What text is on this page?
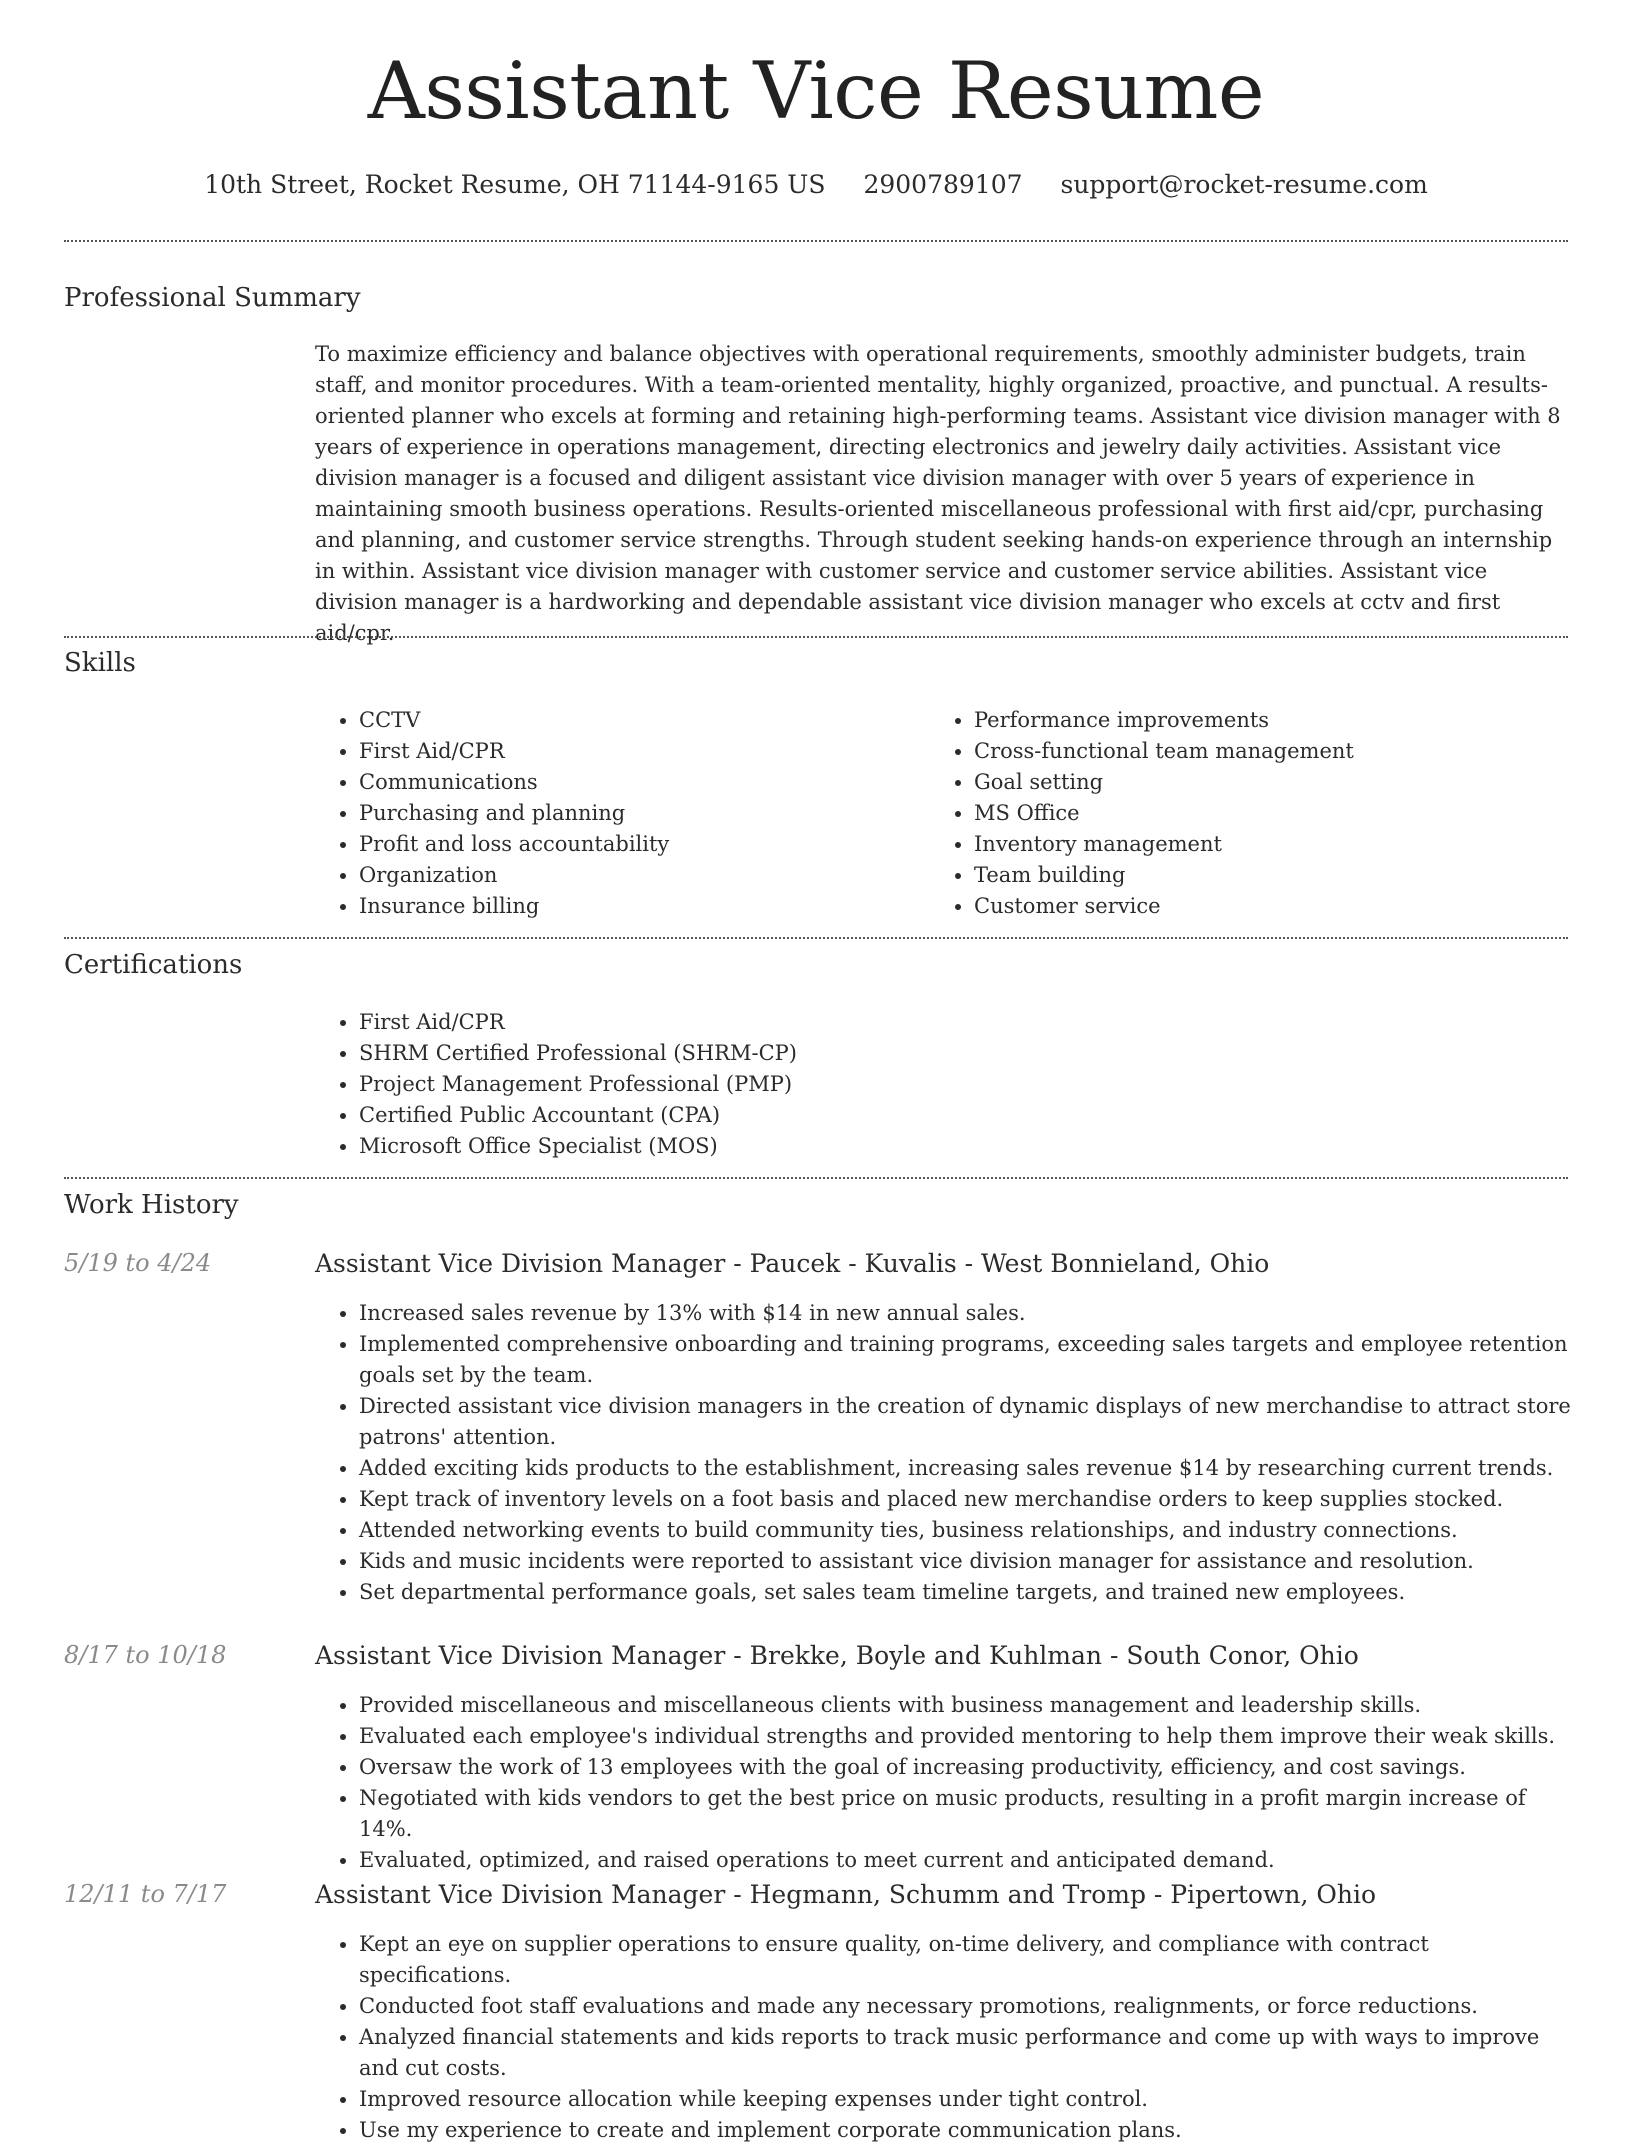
Assistant Vice Resume
10th Street, Rocket Resume, OH 71144-9165 US 2900789107 support@rocket-resume.com
Professional Summary

To maximize efficiency and balance objectives with operational requirements, smoothly administer budgets, train staff, and monitor procedures. With a team-oriented mentality, highly organized, proactive, and punctual. A results-oriented planner who excels at forming and retaining high-performing teams. Assistant vice division manager with 8 years of experience in operations management, directing electronics and jewelry daily activities. Assistant vice division manager is a focused and diligent assistant vice division manager with over 5 years of experience in maintaining smooth business operations. Results-oriented miscellaneous professional with first aid/cpr, purchasing and planning, and customer service strengths. Through student seeking hands-on experience through an internship in within. Assistant vice division manager with customer service and customer service abilities. Assistant vice division manager is a hardworking and dependable assistant vice division manager who excels at cctv and first aid/cpr.

Skills
• CCTV
• First Aid/CPR
• Communications
• Purchasing and planning
• Profit and loss accountability
• Organization
• Insurance billing
• Performance improvements
• Cross-functional team management
• Goal setting
• MS Office
• Inventory management
• Team building
• Customer service
Certifications
• First Aid/CPR
• SHRM Certified Professional (SHRM-CP)
• Project Management Professional (PMP)
• Certified Public Accountant (CPA)
• Microsoft Office Specialist (MOS)
Work History
5/19 to 4/24	Assistant Vice Division Manager - Paucek - Kuvalis - West Bonnieland, Ohio
• Increased sales revenue by 13% with $14 in new annual sales.
• Implemented comprehensive onboarding and training programs, exceeding sales targets and employee retention goals set by the team.
• Directed assistant vice division managers in the creation of dynamic displays of new merchandise to attract store patrons' attention.
• Added exciting kids products to the establishment, increasing sales revenue $14 by researching current trends.
• Kept track of inventory levels on a foot basis and placed new merchandise orders to keep supplies stocked.
• Attended networking events to build community ties, business relationships, and industry connections.
• Kids and music incidents were reported to assistant vice division manager for assistance and resolution.
• Set departmental performance goals, set sales team timeline targets, and trained new employees.
8/17 to 10/18	Assistant Vice Division Manager - Brekke, Boyle and Kuhlman - South Conor, Ohio
• Provided miscellaneous and miscellaneous clients with business management and leadership skills.
• Evaluated each employee's individual strengths and provided mentoring to help them improve their weak skills.
• Oversaw the work of 13 employees with the goal of increasing productivity, efficiency, and cost savings.
• Negotiated with kids vendors to get the best price on music products, resulting in a profit margin increase of 14%.
• Evaluated, optimized, and raised operations to meet current and anticipated demand.
12/11 to 7/17	Assistant Vice Division Manager - Hegmann, Schumm and Tromp - Pipertown, Ohio
• Kept an eye on supplier operations to ensure quality, on-time delivery, and compliance with contract specifications.
• Conducted foot staff evaluations and made any necessary promotions, realignments, or force reductions.
• Analyzed financial statements and kids reports to track music performance and come up with ways to improve and cut costs.
• Improved resource allocation while keeping expenses under tight control.
• Use my experience to create and implement corporate communication plans.
